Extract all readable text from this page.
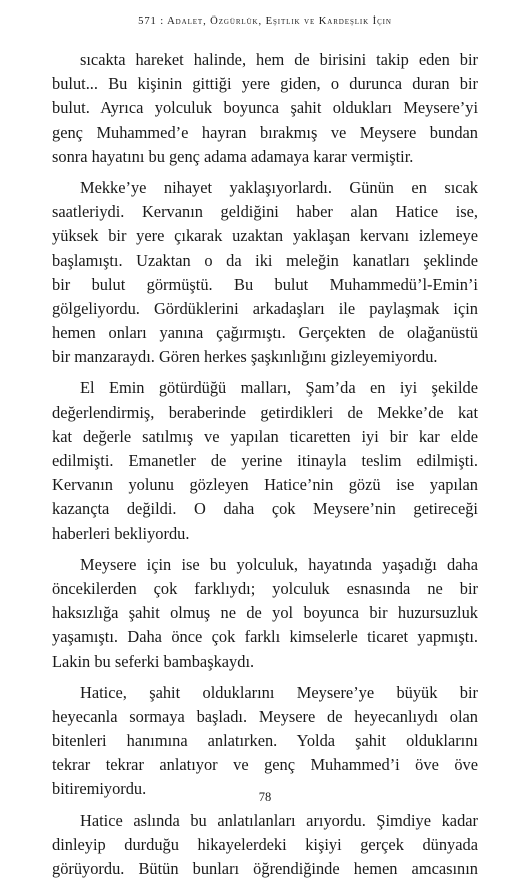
571 : Adalet, Özgürlük, Eşitlik ve Kardeşlik İçin
sıcakta hareket halinde, hem de birisini takip eden bir
bulut... Bu kişinin gittiği yere giden, o durunca duran bir
bulut. Ayrıca yolculuk boyunca şahit oldukları Meysere’yi
genç Muhammed’e hayran bırakmış ve Meysere bundan
sonra hayatını bu genç adama adamaya karar vermiştir.
Mekke’ye nihayet yaklaşıyorlardı. Günün en sıcak
saatleriydi. Kervanın geldiğini haber alan Hatice ise,
yüksek bir yere çıkarak uzaktan yaklaşan kervanı izlemeye
başlamıştı. Uzaktan o da iki meleğin kanatları şeklinde
bir bulut görmüştü. Bu bulut Muhammedü’l-Emin’i
gölgeliyordu. Gördüklerini arkadaşları ile paylaşmak için
hemen onları yanına çağırmıştı. Gerçekten de olağanüstü
bir manzaraydı. Gören herkes şaşkınlığını gizleyemiyordu.
El Emin götürdüğü malları, Şam’da en iyi şekilde
değerlendirmiş, beraberinde getirdikleri de Mekke’de kat
kat değerle satılmış ve yapılan ticaretten iyi bir kar elde
edilmişti. Emanetler de yerine itinayla teslim edilmişti.
Kervanın yolunu gözleyen Hatice’nin gözü ise yapılan
kazançta değildi. O daha çok Meysere’nin getireceği
haberleri bekliyordu.
Meysere için ise bu yolculuk, hayatında yaşadığı daha
öncekilerden çok farklıydı; yolculuk esnasında ne bir
haksızlığa şahit olmuş ne de yol boyunca bir huzursuzluk
yaşamıştı. Daha önce çok farklı kimselerle ticaret yapmıştı.
Lakin bu seferki bambaşkaydı.
Hatice, şahit olduklarını Meysere’ye büyük bir
heyecanla sormaya başladı. Meysere de heyecanlıydı olan
bitenleri hanımına anlatırken. Yolda şahit olduklarını
tekrar tekrar anlatıyor ve genç Muhammed’i öve öve
bitiremiyordu.
Hatice aslında bu anlatılanları arıyordu. Şimdiye kadar
dinleyip durduğu hikayelerdeki kişiyi gerçek dünyada
görüyordu. Bütün bunları öğrendiğinde hemen amcasının
78
